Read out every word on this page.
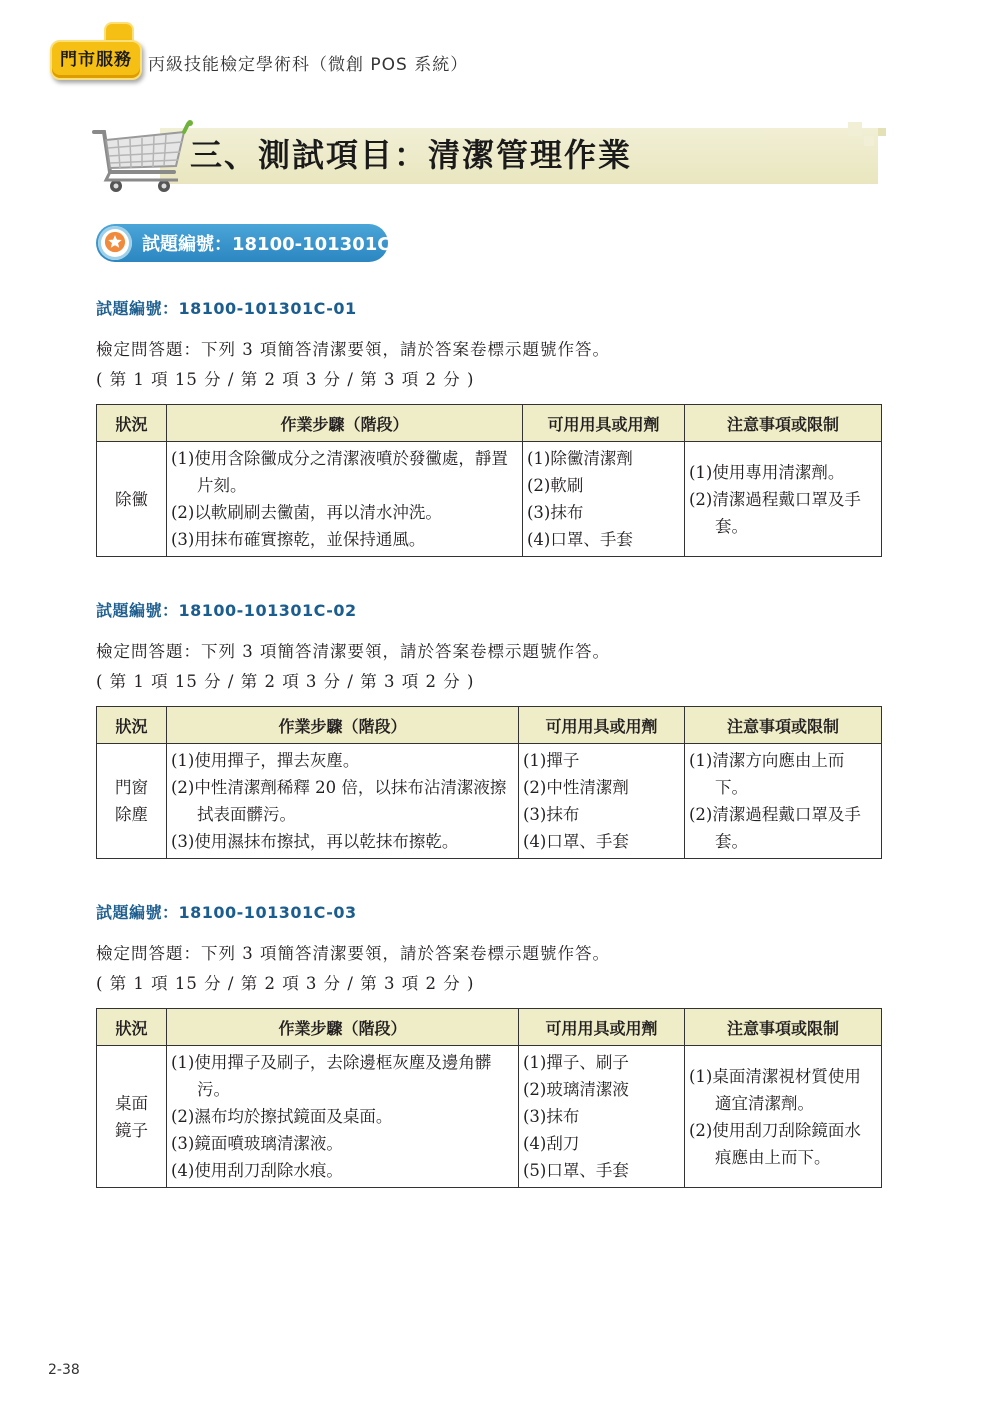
門市服務 丙級技能檢定學術科（微創 POS 系統）
三、測試項目：清潔管理作業
試題編號：18100-101301C
試題編號：18100-101301C-01
檢定問答題：下列 3 項簡答清潔要領，請於答案卷標示題號作答。
( 第 1 項 15 分 / 第 2 項 3 分 / 第 3 項 2 分 )
狀況	作業步驟（階段）	可用用具或用劑	注意事項或限制

除黴	(1)使用含除黴成分之清潔液噴於發黴處，靜置片刻。
(2)以軟刷刷去黴菌，再以清水沖洗。
(3)用抹布確實擦乾，並保持通風。	(1)除黴清潔劑
(2)軟刷
(3)抹布
(4)口罩、手套	(1)使用專用清潔劑。
(2)清潔過程戴口罩及手套。
試題編號：18100-101301C-02
檢定問答題：下列 3 項簡答清潔要領，請於答案卷標示題號作答。
( 第 1 項 15 分 / 第 2 項 3 分 / 第 3 項 2 分 )
狀況	作業步驟（階段）	可用用具或用劑	注意事項或限制

門窗
除塵	(1)使用撣子，撣去灰塵。
(2)中性清潔劑稀釋 20 倍，以抹布沾清潔液擦拭表面髒污。
(3)使用濕抹布擦拭，再以乾抹布擦乾。	(1)撣子
(2)中性清潔劑
(3)抹布
(4)口罩、手套	(1)清潔方向應由上而下。
(2)清潔過程戴口罩及手套。
試題編號：18100-101301C-03
檢定問答題：下列 3 項簡答清潔要領，請於答案卷標示題號作答。
( 第 1 項 15 分 / 第 2 項 3 分 / 第 3 項 2 分 )
狀況	作業步驟（階段）	可用用具或用劑	注意事項或限制

桌面
鏡子	(1)使用撣子及刷子，去除邊框灰塵及邊角髒污。
(2)濕布均於擦拭鏡面及桌面。
(3)鏡面噴玻璃清潔液。
(4)使用刮刀刮除水痕。	(1)撣子、刷子
(2)玻璃清潔液
(3)抹布
(4)刮刀
(5)口罩、手套	(1)桌面清潔視材質使用適宜清潔劑。
(2)使用刮刀刮除鏡面水痕應由上而下。
2-38
